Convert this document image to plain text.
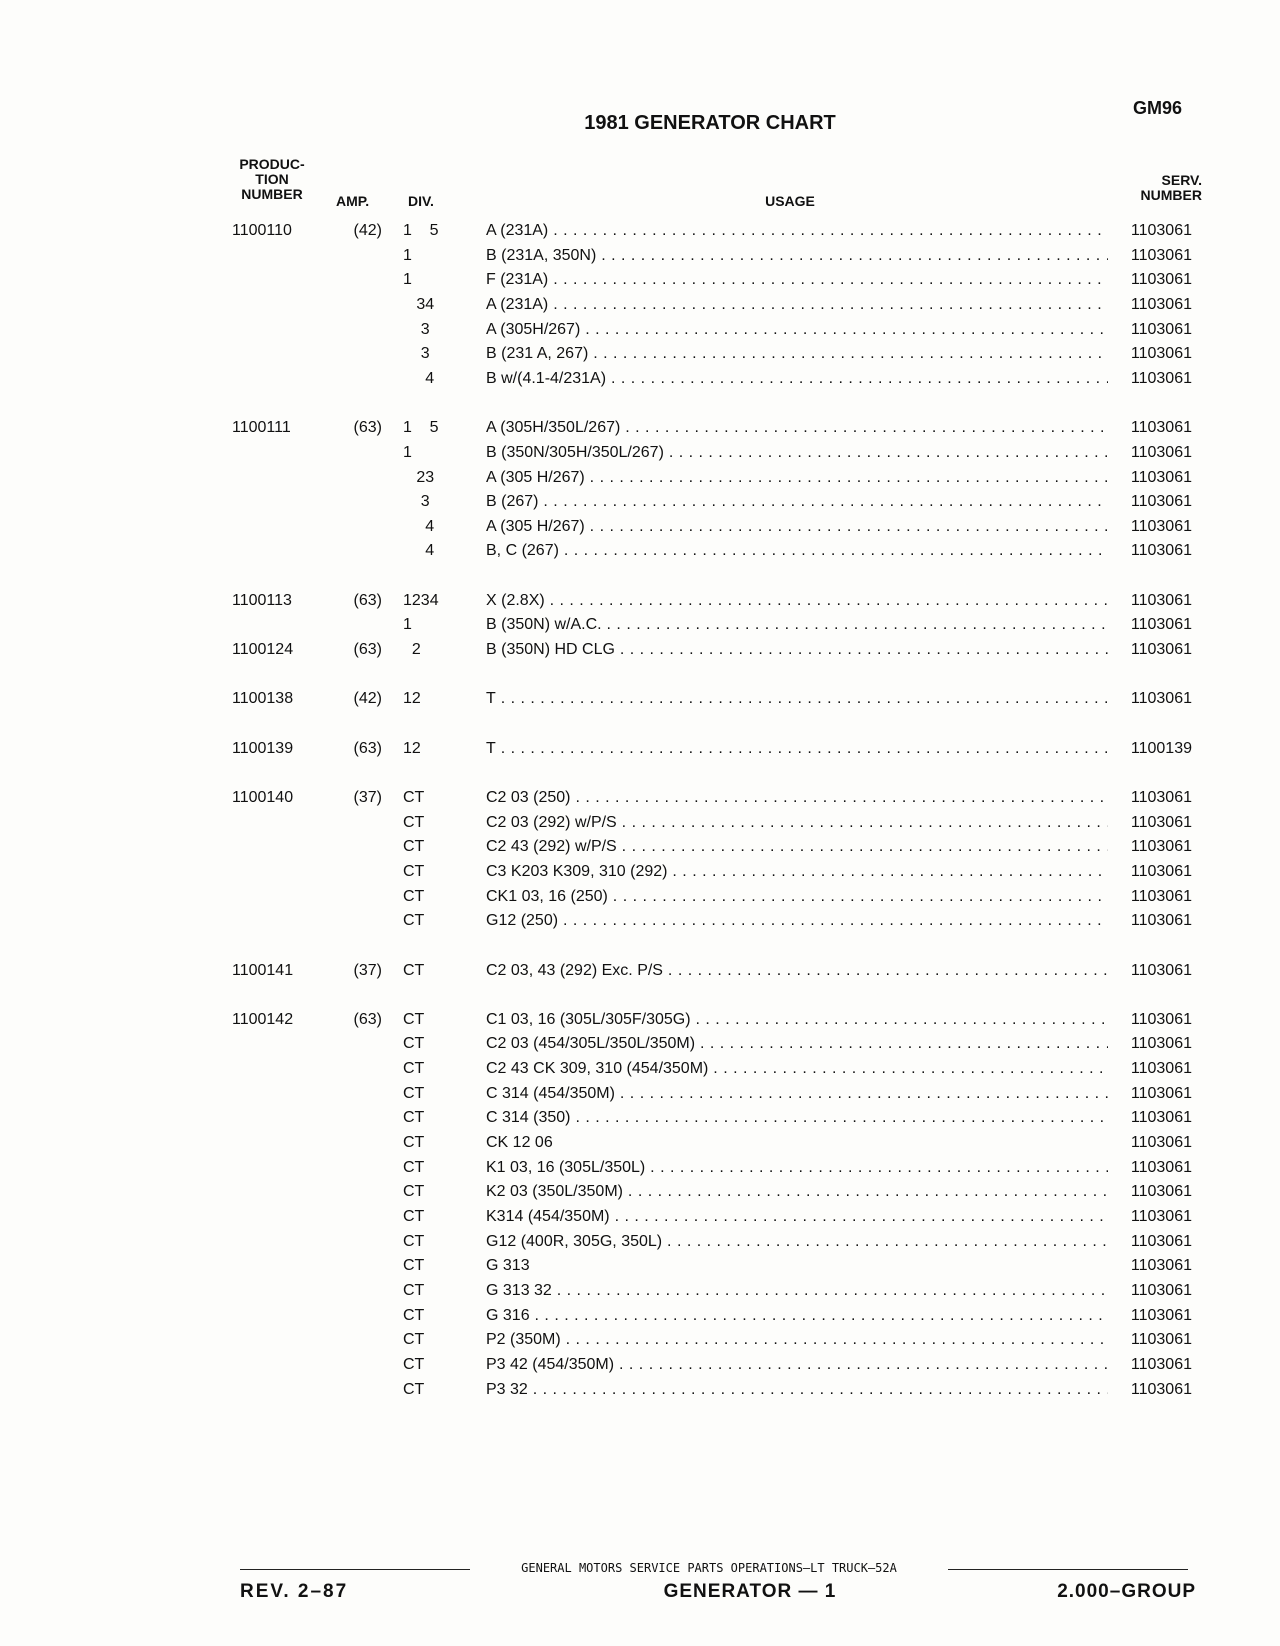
GM96
1981 GENERATOR CHART
PRODUC-
TION
NUMBER	AMP.	DIV.	USAGE
SERV.
NUMBER
1100110	(42) 1    5	A (231A) . . .	1103061
1	B (231A, 350N) . . .	1103061
1	F (231A) . . .	1103061
34	A (231A) . . .	1103061
3	A (305H/267) . . .	1103061
3	B (231 A, 267) . . .	1103061
4	B w/(4.1-4/231A) . . .	1103061
1100111	(63) 1    5	A (305H/350L/267) . . .	1103061
1	B (350N/305H/350L/267) . . .	1103061
23	A (305 H/267) . . .	1103061
3	B (267) . . .	1103061
4	A (305 H/267) . . .	1103061
4	B, C (267) . . .	1103061
1100113	(63) 1234	X (2.8X) . . .	1103061
1	B (350N) w/A.C. . . .	1103061
1100124	(63) 2	B (350N) HD CLG . . .	1103061
1100138	(42) 12	T . . .	1103061
1100139	(63) 12	T . . .	1100139
1100140	(37) CT	C2 03 (250) . . .	1103061
CT	C2 03 (292) w/P/S . . .	1103061
CT	C2 43 (292) w/P/S . . .	1103061
CT	C3 K203 K309, 310 (292) . . .	1103061
CT	CK1 03, 16 (250) . . .	1103061
CT	G12 (250) . . .	1103061
1100141	(37) CT	C2 03, 43 (292) Exc. P/S . . .	1103061
1100142	(63) CT	C1 03, 16 (305L/305F/305G) . . .	1103061
CT	C2 03 (454/305L/350L/350M) . . .	1103061
CT	C2 43 CK 309, 310 (454/350M) . . .	1103061
CT	C 314 (454/350M) . . .	1103061
CT	C 314 (350) . . .	1103061
CT	CK 12 06	1103061
CT	K1 03, 16 (305L/350L) . . .	1103061
CT	K2 03 (350L/350M) . . .	1103061
CT	K314 (454/350M) . . .	1103061
CT	G12 (400R, 305G, 350L) . . .	1103061
CT	G 313	1103061
CT	G 313 32 . . .	1103061
CT	G 316 . . .	1103061
CT	P2 (350M) . . .	1103061
CT	P3 42 (454/350M) . . .	1103061
CT	P3 32 . . .	1103061
GENERAL MOTORS SERVICE PARTS OPERATIONS—LT TRUCK—52A
REV. 2–87	GENERATOR — 1	2.000–GROUP
